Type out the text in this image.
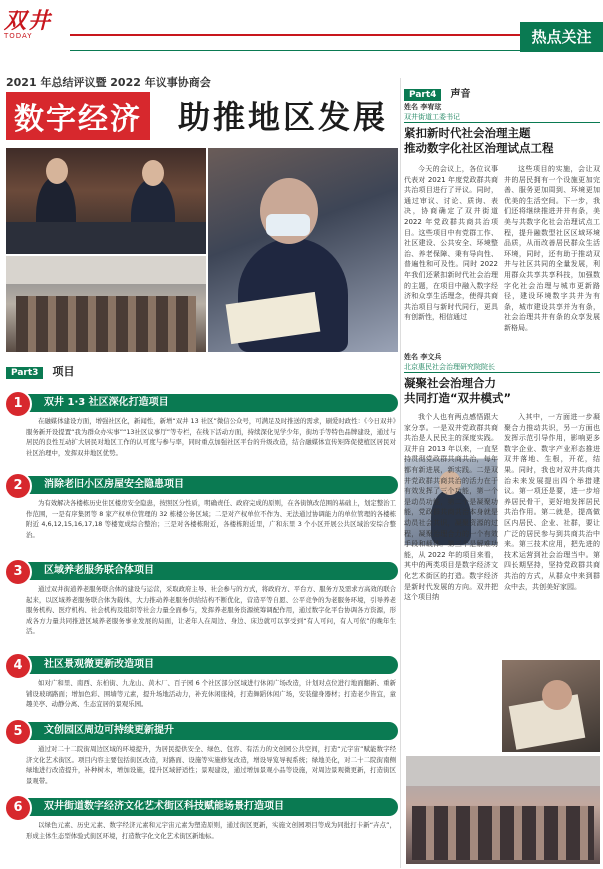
双井
TODAY	热点关注
2021 年总结评议暨 2022 年议事协商会
数字经济 助推地区发展
Part3 项目
1	双井 1·3 社区深化打造项目
在融媒体建设方面，增强社区化，新闻性，新增“双井 13 社区”微信公众号，可满足及时推送的需求，刷爱时政性：《今日双井》服务新开设提置“我为群众办实事”“13社区议事厅”等专栏，在线下活动方面，持续深化见学少年，街坊手等特色品牌建设，通过与居民的良性互动扩大居民对地区工作的认可度与参与率，同时重点加强社区平台的升级改造，结合融媒体宣传矩阵促使植区居民对社区治理中，发挥双井地区优势。
2	消除老旧小区房屋安全隐患项目
为有效解决各楼栋历史住区楼房安全隐患，按照区分性质，明确责任、政府完成的原则，在各街镇改范围的基础上，划定整治工作范围，一是有序集团等 8 家产权单位管理的 32 栋楼公务区域；二是对产权单位不作为、无法通过协调能力的单位管理的各楼栋附近 4,6,12,15,16,17,18 等楼宽成综合整治；三是对各楼栋附近，各楼栋附近里，广和东里 3 个小区开展公共区域治安综合整治。
3	区域养老服务联合体项目
通过双井街道养老服务联合体的建设与运营，采取政府主导、社会参与的方式，将政府方、平台方、服务方及需求方高效的联合起来，以区域养老服务联合体为载体，大力推动养老服务供给结构不断优化，营造平等自愿、公平竞争的为老服务环境，引导养老服务机构、医疗机构、社会机构及组织等社会力量全面参与，发挥养老服务资源统筹调配作用，通过数字化平台协调各方资源，形成各方力量共同推进区域养老服务事业发展的局面，让老年人在周边、身边、床边就可以享受到“有人可问，有人可依”的晚年生活。
4	社区景观微更新改造项目
如对广和里、南西、东柏街、九龙山、黄木厂、百子园 6 个社区部分区域进行休闲广场改造，计划对点位进行地面翻新、重新铺设玻璃路面；增加色彩、围墙等元素，提升场地活动力，补充休闲座椅，打造舞蹈休闲广场，安装健身器材；打造老少皆宜，童趣美亭、动静分离、生态宜居的景观乐园。
5	文创园区周边可持续更新提升
通过对二十二院街周边区域的环境提升，为居民提供安全、绿色、包容、有活力的文创园公共空间，打造“元宇宙”赋能数字经济文化艺术街区。项目内容主要包括街区改造，对路面、设施等实施修复改造，增设导览导视系统；绿地美化，对二十二院街南侧绿地进行改造提升，补种树木，增加设施，提升区域舒适性；景观建设，通过增加景观小品等设施，对周边景观微更新，打造街区景观带。
6	双井街道数字经济文化艺术街区科技赋能场景打造项目
以绿色元素、历史元素、数字经济元素和元宇宙元素为塑造原则，通过街区更新，实施文创园项目等成为同批打卡新“卉点”，形成主体生态型体验式街区环境，打造数字化文化艺术街区新地标。
Part4 声音
姓名 李宥玹
双井街道工委书记
紧扣新时代社会治理主题
推动数字化社区治理试点工程
今天的会议上，各位议事代表对 2021 年度党政群共商共治项目进行了评议。同时，通过审议、讨论、质询、表决，协商确定了双井街道 2022 年党政群共商共治项目。这些项目中有党群工作、社区建设、公共安全、环境整治、养老保障、秉有导向性、普遍性和可及性。同时 2022 年我们还紧扣新时代社会治理的主题，在项目中融入数字经济和众享生活理念，使得共商共治项目与新时代同行，更具有创新性，相信通过
这些项目的实施，会让双井的居民拥有一个设施更加完善、服务更加周到、环境更加优美的生活空间。下一步，我们还将继续推进并井有条，美美与共数字化社会治理试点工程，提升融数型社区区域环境品质，从而改善居民群众生活环境，同时，还有助于推动双井与社区共同的全量发展，利用群众共享共享科技，加强数字化社会治理与城市更新路径，建设环境数字共井为有条，城市建设共享并为有条，社会治理共井有条的众享发展新格局。
姓名 李文兵
北京惠民社会治理研究院院长
凝聚社会治理合力
共同打造“双井模式”
我个人也有两点感悟跟大家分享。一是双井党政群共商共治是人民民主的深度实践。双井自 2013 年以来，一直坚持贯彻党政群共商共治，每年都有新进展，新实践。二是双井党政群共商共治的活力在于有效发挥了三个功能，第一个是动员功能，第二个是凝聚功能，党政群共商共治本身就是动员社会共识，凝聚资源的过程，凝聚治理合力的一个有效手段和载体。第三个是解难功能，从 2022 年的项目来看，其中的两类项目是数字经济文化艺术街区的打造。数字经济是新时代发展的方向。双井把这个项目纳
入其中，一方面进一步凝聚合力推动共识，另一方面也发挥示范引导作用，影响更多数字企业、数字产业形态推进双井落地、生根，开花，结果。同时，我也对双井共商共治未来发展提出四个举措建议。第一项还是要，进一步培养居民骨干，更好地发挥居民共治作用。第二就是，提高做区内居民、企业、社群，要让广泛的居民参与到共商共治中来。第三技术应用，把先进的技术运营到社会治理当中。第四长期坚持，坚持党政群共商共治的方式，从群众中来到群众中去，共创美好家园。
